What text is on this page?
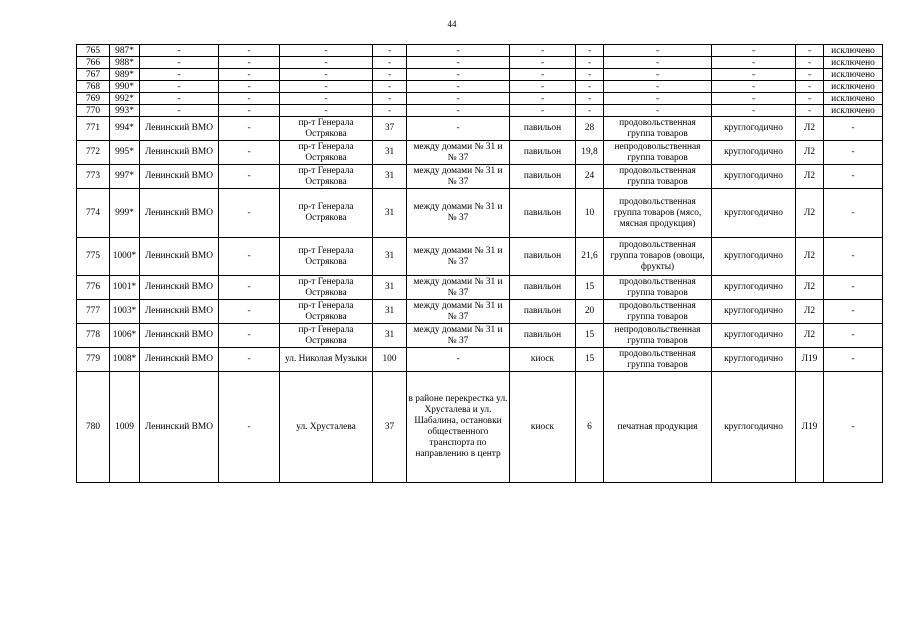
44
765	987*	-	-	-	-	-	-	-	-	-	-	исключено
766	988*	-	-	-	-	-	-	-	-	-	-	исключено
767	989*	-	-	-	-	-	-	-	-	-	-	исключено
768	990*	-	-	-	-	-	-	-	-	-	-	исключено
769	992*	-	-	-	-	-	-	-	-	-	-	исключено
770	993*	-	-	-	-	-	-	-	-	-	-	исключено
771	994*	Ленинский ВМО	-	пр-т Генерала Острякова	37	-	павильон	28	продовольственная группа товаров	круглогодично	Л2	-
772	995*	Ленинский ВМО	-	пр-т Генерала Острякова	31	между домами № 31 и № 37	павильон	19,8	непродовольственная группа товаров	круглогодично	Л2	-
773	997*	Ленинский ВМО	-	пр-т Генерала Острякова	31	между домами № 31 и № 37	павильон	24	продовольственная группа товаров	круглогодично	Л2	-
774	999*	Ленинский ВМО	-	пр-т Генерала Острякова	31	между домами № 31 и № 37	павильон	10	продовольственная группа товаров (мясо, мясная продукция)	круглогодично	Л2	-
775	1000*	Ленинский ВМО	-	пр-т Генерала Острякова	31	между домами № 31 и № 37	павильон	21,6	продовольственная группа товаров (овощи, фрукты)	круглогодично	Л2	-
776	1001*	Ленинский ВМО	-	пр-т Генерала Острякова	31	между домами № 31 и № 37	павильон	15	продовольственная группа товаров	круглогодично	Л2	-
777	1003*	Ленинский ВМО	-	пр-т Генерала Острякова	31	между домами № 31 и № 37	павильон	20	продовольственная группа товаров	круглогодично	Л2	-
778	1006*	Ленинский ВМО	-	пр-т Генерала Острякова	31	между домами № 31 и № 37	павильон	15	непродовольственная группа товаров	круглогодично	Л2	-
779	1008*	Ленинский ВМО	-	ул. Николая Музыки	100	-	киоск	15	продовольственная группа товаров	круглогодично	Л19	-
780	1009	Ленинский ВМО	-	ул. Хрусталева	37	в районе перекрестка ул. Хрусталева и ул. Шабалина, остановки общественного транспорта по направлению в центр	киоск	6	печатная продукция	круглогодично	Л19	-
